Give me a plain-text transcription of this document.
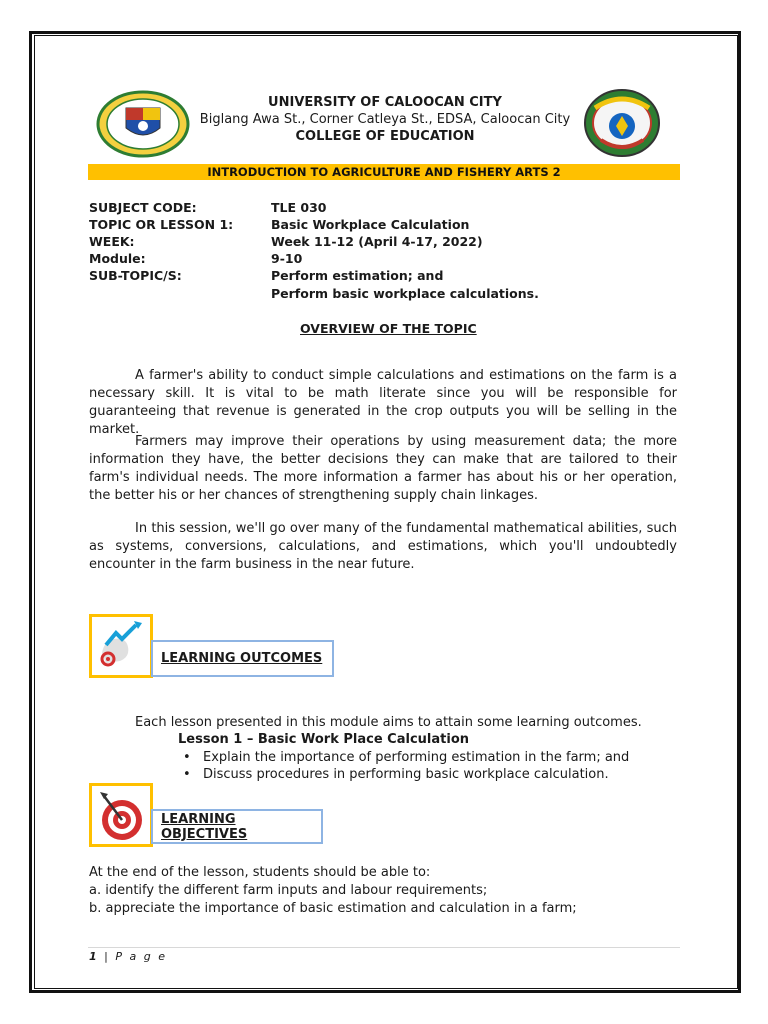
UNIVERSITY OF CALOOCAN CITY
Biglang Awa St., Corner Catleya St., EDSA, Caloocan City
COLLEGE OF EDUCATION
INTRODUCTION TO AGRICULTURE AND FISHERY ARTS 2
SUBJECT CODE:	TLE 030
TOPIC OR LESSON 1:	Basic Workplace Calculation
WEEK:	Week 11-12 (April 4-17, 2022)
Module:	9-10
SUB-TOPIC/S:	Perform estimation; and
Perform basic workplace calculations.
OVERVIEW OF THE TOPIC
A farmer's ability to conduct simple calculations and estimations on the farm is a necessary skill. It is vital to be math literate since you will be responsible for guaranteeing that revenue is generated in the crop outputs you will be selling in the market.
Farmers may improve their operations by using measurement data; the more information they have, the better decisions they can make that are tailored to their farm's individual needs. The more information a farmer has about his or her operation, the better his or her chances of strengthening supply chain linkages.
In this session, we'll go over many of the fundamental mathematical abilities, such as systems, conversions, calculations, and estimations, which you'll undoubtedly encounter in the farm business in the near future.
LEARNING OUTCOMES
Each lesson presented in this module aims to attain some learning outcomes.
Lesson 1 – Basic Work Place Calculation
• Explain the importance of performing estimation in the farm; and
• Discuss procedures in performing basic workplace calculation.
LEARNING OBJECTIVES
At the end of the lesson, students should be able to:
a. identify the different farm inputs and labour requirements;
b. appreciate the importance of basic estimation and calculation in a farm;
1 | P a g e
